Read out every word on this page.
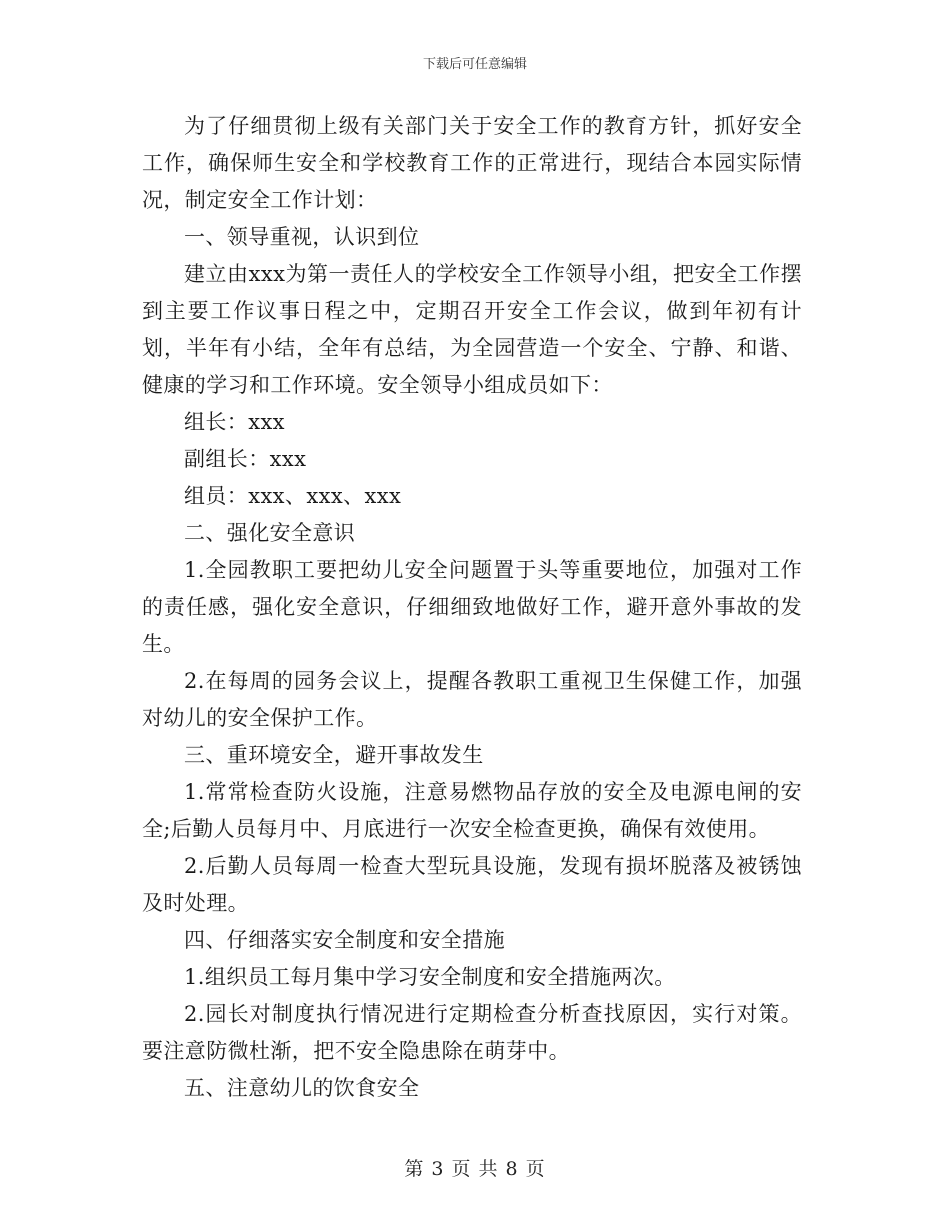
下载后可任意编辑

为了仔细贯彻上级有关部门关于安全工作的教育方针，抓好安全工作，确保师生安全和学校教育工作的正常进行，现结合本园实际情况，制定安全工作计划：

一、领导重视，认识到位

建立由xxx为第一责任人的学校安全工作领导小组，把安全工作摆到主要工作议事日程之中，定期召开安全工作会议，做到年初有计划，半年有小结，全年有总结，为全园营造一个安全、宁静、和谐、健康的学习和工作环境。安全领导小组成员如下：

组长：xxx

副组长：xxx

组员：xxx、xxx、xxx

二、强化安全意识

1.全园教职工要把幼儿安全问题置于头等重要地位，加强对工作的责任感，强化安全意识，仔细细致地做好工作，避开意外事故的发生。

2.在每周的园务会议上，提醒各教职工重视卫生保健工作，加强对幼儿的安全保护工作。

三、重环境安全，避开事故发生

1.常常检查防火设施，注意易燃物品存放的安全及电源电闸的安全;后勤人员每月中、月底进行一次安全检查更换，确保有效使用。

2.后勤人员每周一检查大型玩具设施，发现有损坏脱落及被锈蚀及时处理。

四、仔细落实安全制度和安全措施

1.组织员工每月集中学习安全制度和安全措施两次。

2.园长对制度执行情况进行定期检查分析查找原因，实行对策。要注意防微杜渐，把不安全隐患除在萌芽中。

五、注意幼儿的饮食安全

第 3 页 共 8 页
